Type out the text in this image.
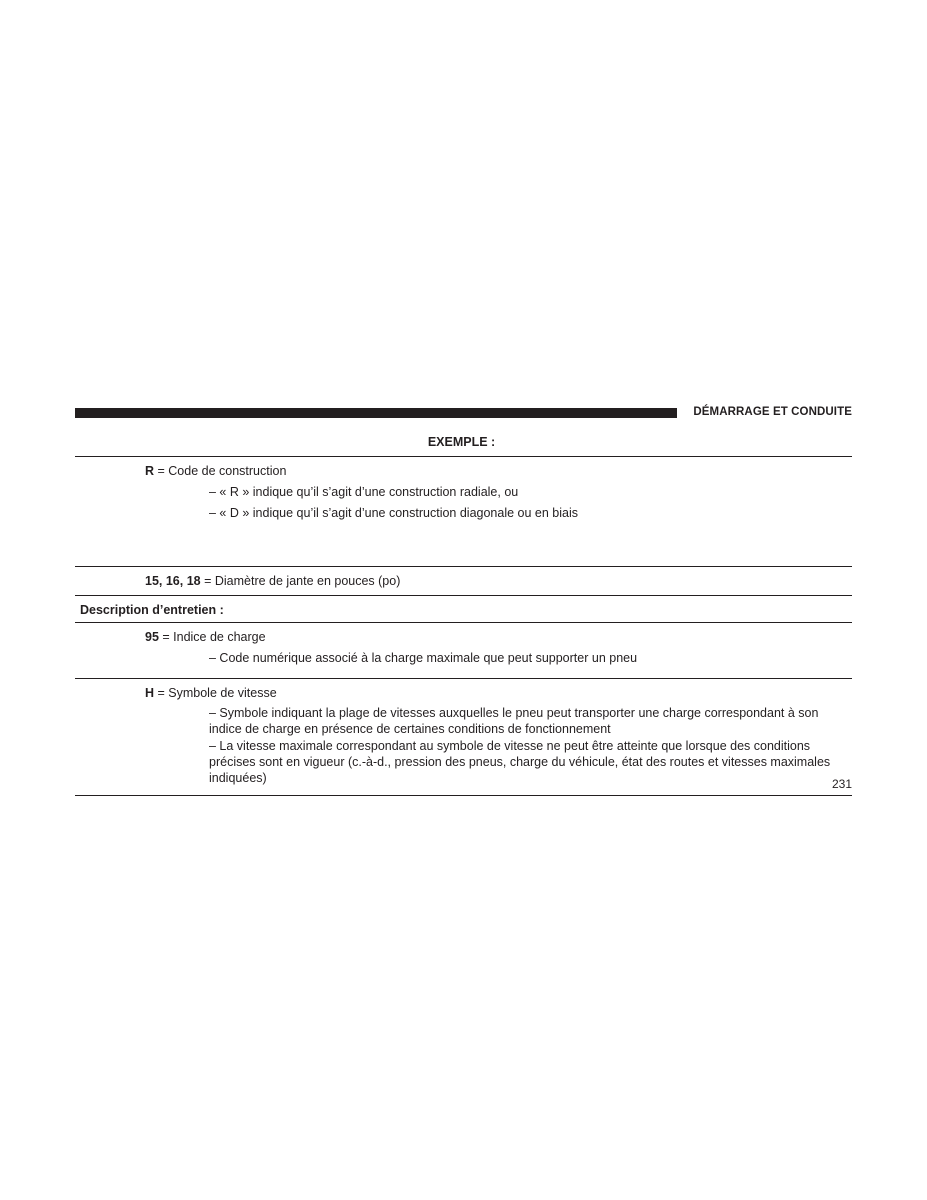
DÉMARRAGE ET CONDUITE
EXEMPLE :
R = Code de construction
– « R » indique qu’il s’agit d’une construction radiale, ou
– « D » indique qu’il s’agit d’une construction diagonale ou en biais
15, 16, 18 = Diamètre de jante en pouces (po)
Description d’entretien :
95 = Indice de charge
– Code numérique associé à la charge maximale que peut supporter un pneu
H = Symbole de vitesse
– Symbole indiquant la plage de vitesses auxquelles le pneu peut transporter une charge correspondant à son indice de charge en présence de certaines conditions de fonctionnement
– La vitesse maximale correspondant au symbole de vitesse ne peut être atteinte que lorsque des conditions précises sont en vigueur (c.-à-d., pression des pneus, charge du véhicule, état des routes et vitesses maximales indiquées)	231
